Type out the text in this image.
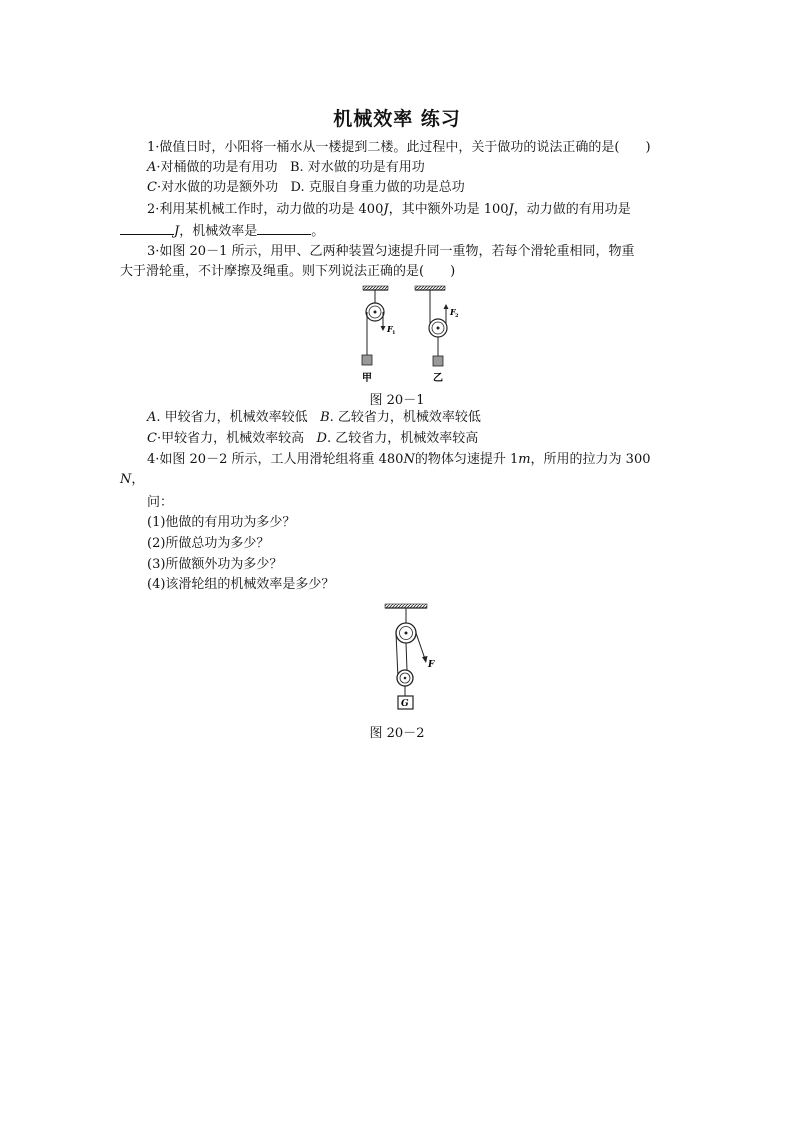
机械效率 练习
1·做值日时，小阳将一桶水从一楼提到二楼。此过程中，关于做功的说法正确的是(　　)
A·对桶做的功是有用功 B. 对水做的功是有用功
C·对水做的功是额外功 D. 克服自身重力做的功是总功
2·利用某机械工作时，动力做的功是 400J，其中额外功是 100J，动力做的有用功是
J，机械效率是	。
3·如图 20－1 所示，用甲、乙两种装置匀速提升同一重物，若每个滑轮重相同，物重
大于滑轮重，不计摩擦及绳重。则下列说法正确的是(　　)
F 1
甲
F 2
乙
图 20－1
A. 甲较省力，机械效率较低 B. 乙较省力，机械效率较低
C·甲较省力，机械效率较高 D. 乙较省力，机械效率较高
4·如图 20－2 所示，工人用滑轮组将重 480N的物体匀速提升 1m，所用的拉力为 300
N，
问：
(1)他做的有用功为多少？
(2)所做总功为多少？
(3)所做额外功为多少？
(4)该滑轮组的机械效率是多少？
F
G
图 20－2
